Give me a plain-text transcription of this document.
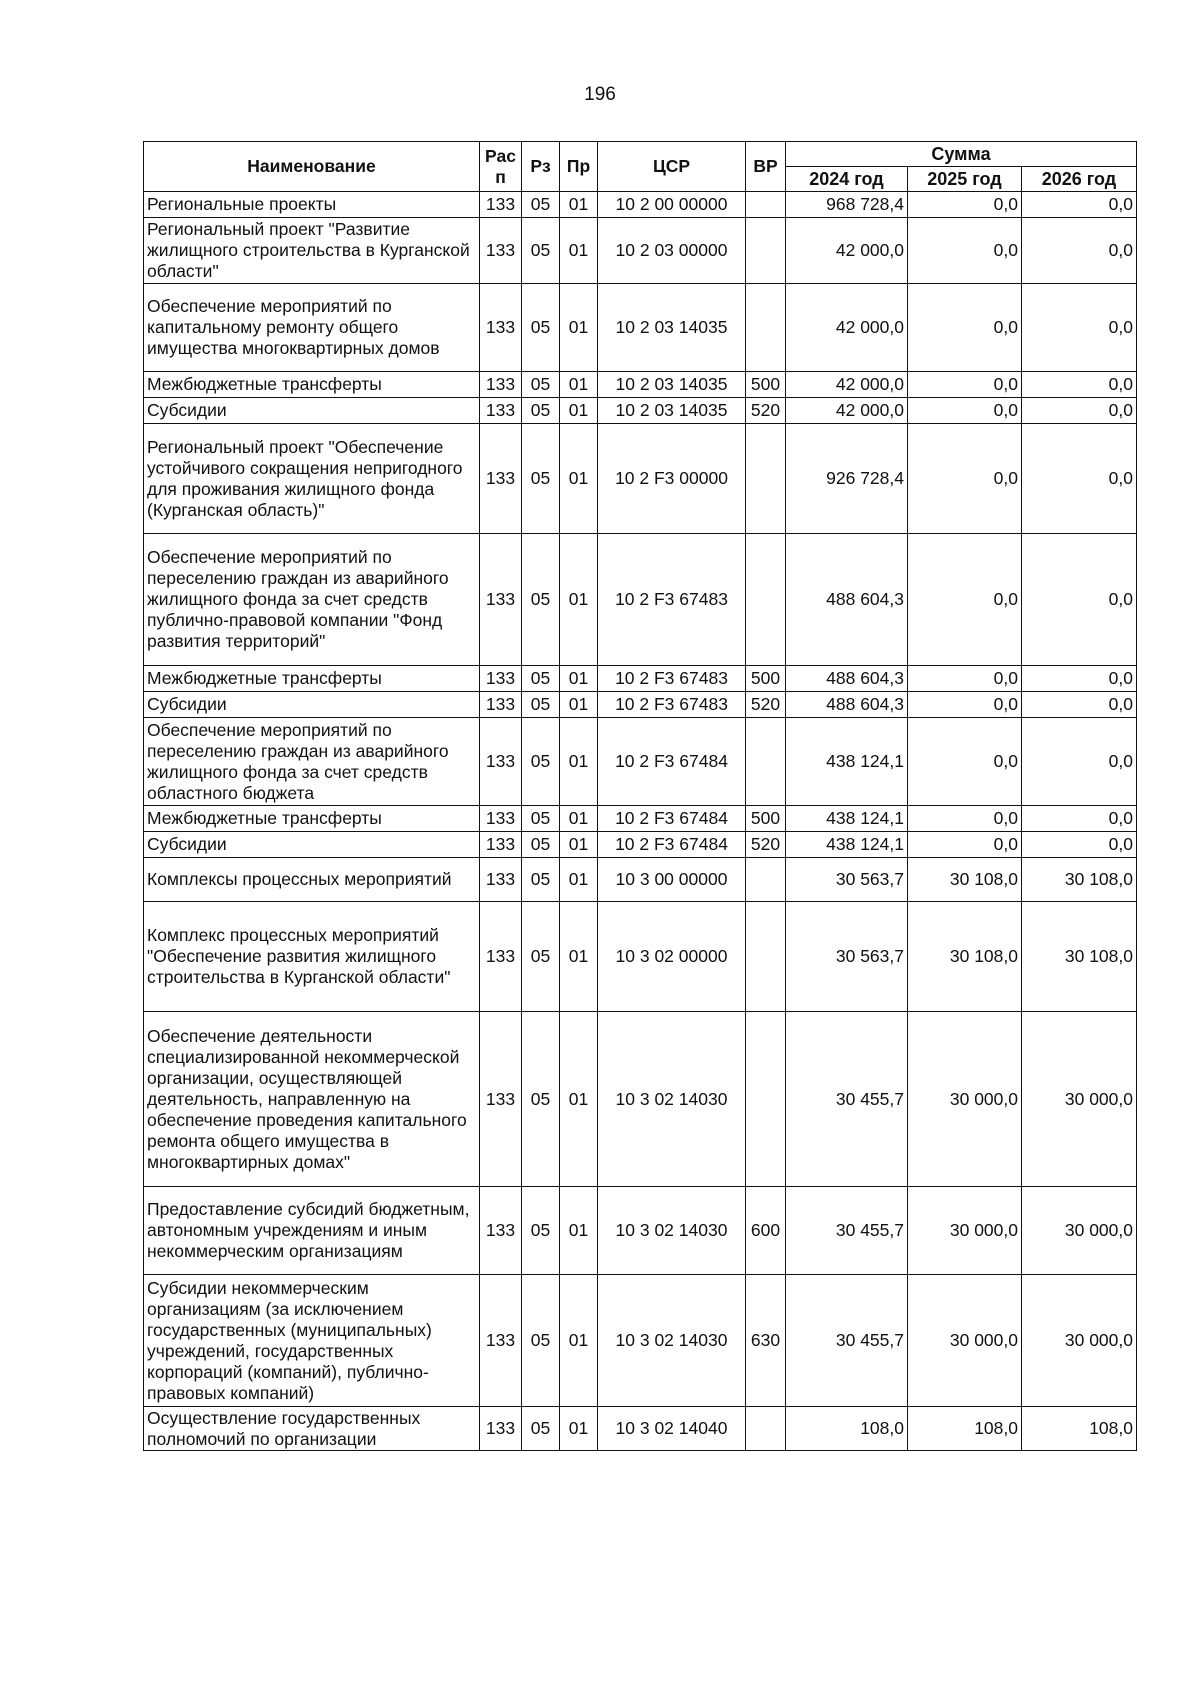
196
Наименование	Рас п	Рз	Пр	ЦСР	ВР	Сумма		
						2024 год	2025 год	2026 год
Региональные проекты	133	05	01	10 2 00 00000		968 728,4	0,0	0,0
Региональный проект "Развитие жилищного строительства в Курганской области"	133	05	01	10 2 03 00000		42 000,0	0,0	0,0
Обеспечение мероприятий по капитальному ремонту общего имущества многоквартирных домов	133	05	01	10 2 03 14035		42 000,0	0,0	0,0
Межбюджетные трансферты	133	05	01	10 2 03 14035	500	42 000,0	0,0	0,0
Субсидии	133	05	01	10 2 03 14035	520	42 000,0	0,0	0,0
Региональный проект "Обеспечение устойчивого сокращения непригодного для проживания жилищного фонда (Курганская область)"	133	05	01	10 2 F3 00000		926 728,4	0,0	0,0
Обеспечение мероприятий по переселению граждан из аварийного жилищного фонда за счет средств публично-правовой компании "Фонд развития территорий"	133	05	01	10 2 F3 67483		488 604,3	0,0	0,0
Межбюджетные трансферты	133	05	01	10 2 F3 67483	500	488 604,3	0,0	0,0
Субсидии	133	05	01	10 2 F3 67483	520	488 604,3	0,0	0,0
Обеспечение мероприятий по переселению граждан из аварийного жилищного фонда за счет средств областного бюджета	133	05	01	10 2 F3 67484		438 124,1	0,0	0,0
Межбюджетные трансферты	133	05	01	10 2 F3 67484	500	438 124,1	0,0	0,0
Субсидии	133	05	01	10 2 F3 67484	520	438 124,1	0,0	0,0
Комплексы процессных мероприятий	133	05	01	10 3 00 00000		30 563,7	30 108,0	30 108,0
Комплекс процессных мероприятий "Обеспечение развития жилищного строительства в Курганской области"	133	05	01	10 3 02 00000		30 563,7	30 108,0	30 108,0
Обеспечение деятельности специализированной некоммерческой организации, осуществляющей деятельность, направленную на обеспечение проведения капитального ремонта общего имущества в многоквартирных домах"	133	05	01	10 3 02 14030		30 455,7	30 000,0	30 000,0
Предоставление субсидий бюджетным, автономным учреждениям и иным некоммерческим организациям	133	05	01	10 3 02 14030	600	30 455,7	30 000,0	30 000,0
Субсидии некоммерческим организациям (за исключением государственных (муниципальных) учреждений, государственных корпораций (компаний), публично-правовых компаний)	133	05	01	10 3 02 14030	630	30 455,7	30 000,0	30 000,0
Осуществление государственных полномочий по организации	133	05	01	10 3 02 14040		108,0	108,0	108,0
